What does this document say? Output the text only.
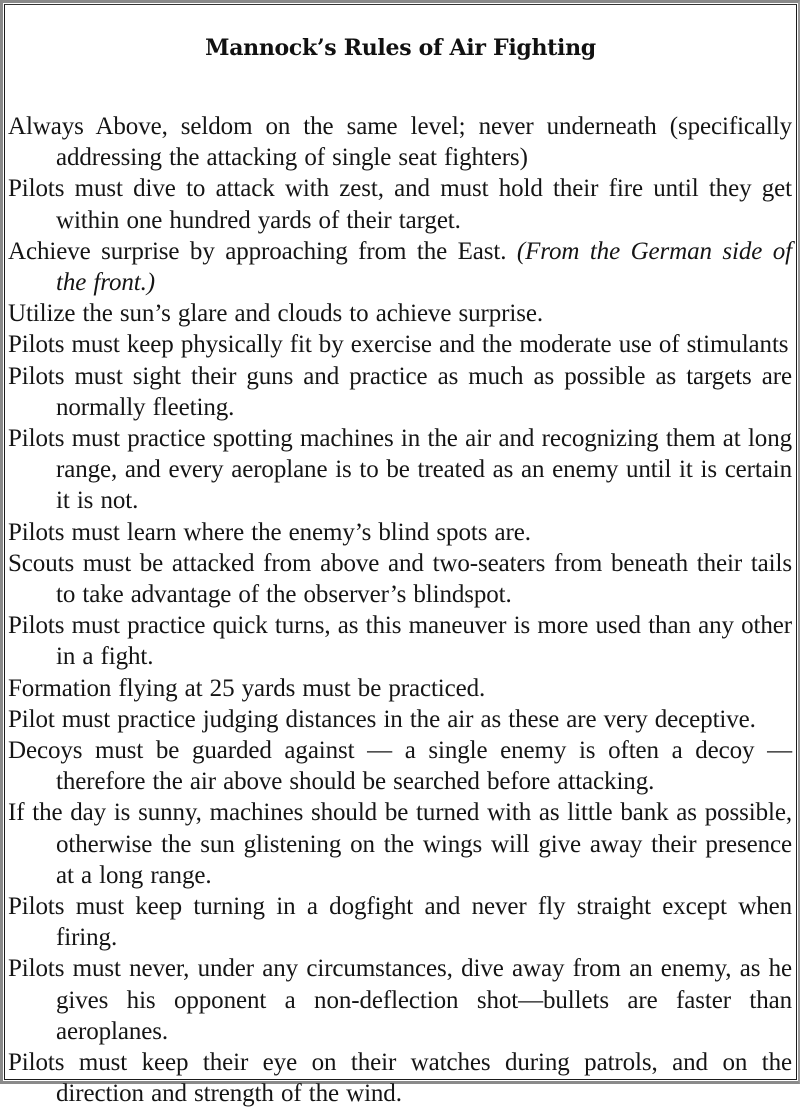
Mannock’s Rules of Air Fighting
Always Above, seldom on the same level; never underneath (specifically addressing the attacking of single seat fighters)
Pilots must dive to attack with zest, and must hold their fire until they get within one hundred yards of their target.
Achieve surprise by approaching from the East. (From the German side of the front.)
Utilize the sun’s glare and clouds to achieve surprise.
Pilots must keep physically fit by exercise and the moderate use of stimulants
Pilots must sight their guns and practice as much as possible as targets are normally fleeting.
Pilots must practice spotting machines in the air and recognizing them at long range, and every aeroplane is to be treated as an enemy until it is certain it is not.
Pilots must learn where the enemy’s blind spots are.
Scouts must be attacked from above and two-seaters from beneath their tails to take advantage of the observer’s blindspot.
Pilots must practice quick turns, as this maneuver is more used than any other in a fight.
Formation flying at 25 yards must be practiced.
Pilot must practice judging distances in the air as these are very deceptive.
Decoys must be guarded against — a single enemy is often a decoy — therefore the air above should be searched before attacking.
If the day is sunny, machines should be turned with as little bank as possible, otherwise the sun glistening on the wings will give away their presence at a long range.
Pilots must keep turning in a dogfight and never fly straight except when firing.
Pilots must never, under any circumstances, dive away from an enemy, as he gives his opponent a non-deflection shot—bullets are faster than aeroplanes.
Pilots must keep their eye on their watches during patrols, and on the direction and strength of the wind.
